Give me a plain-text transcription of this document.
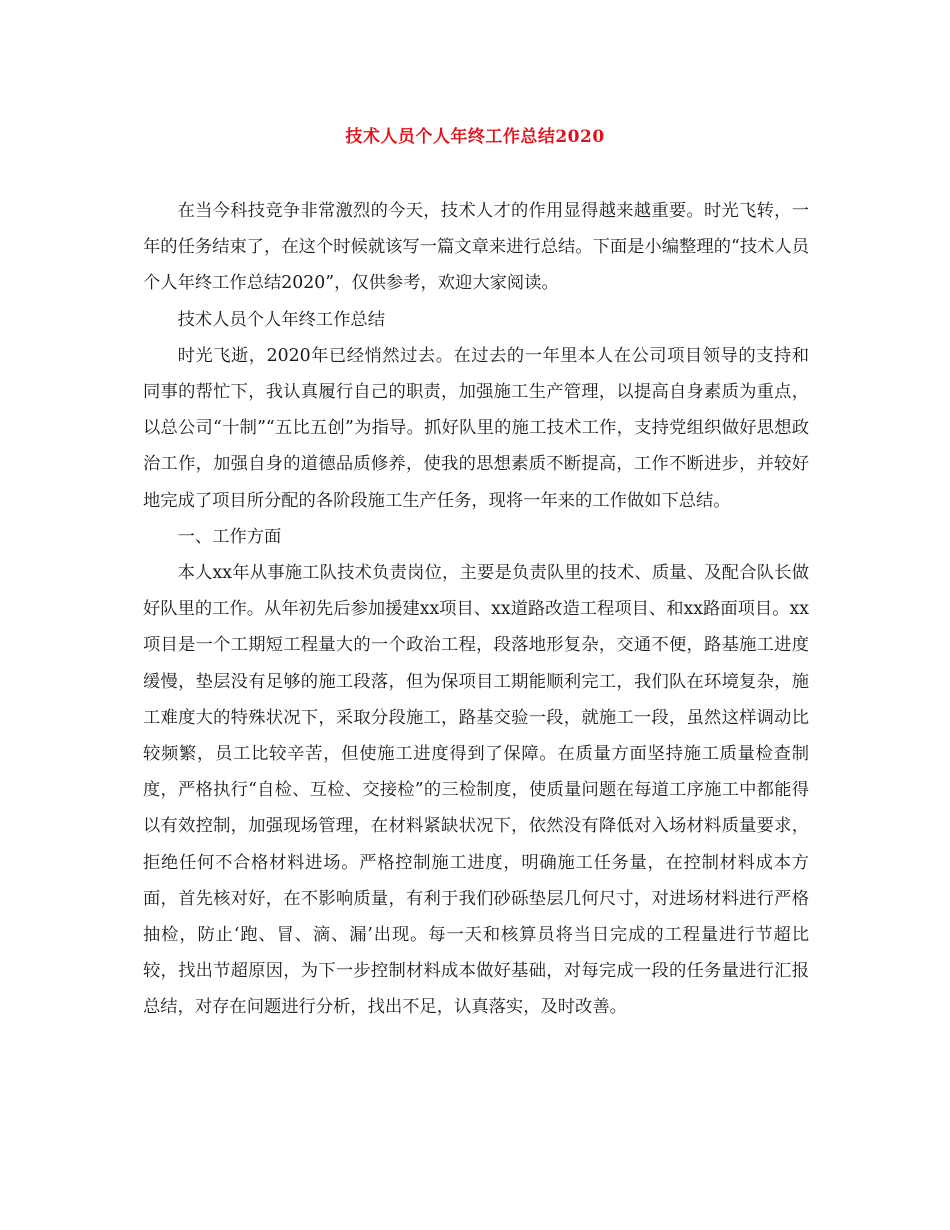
技术人员个人年终工作总结2020

在当今科技竞争非常激烈的今天，技术人才的作用显得越来越重要。时光飞转，一年的任务结束了，在这个时候就该写一篇文章来进行总结。下面是小编整理的“技术人员个人年终工作总结2020”，仅供参考，欢迎大家阅读。

技术人员个人年终工作总结

时光飞逝，2020年已经悄然过去。在过去的一年里本人在公司项目领导的支持和同事的帮忙下，我认真履行自己的职责，加强施工生产管理，以提高自身素质为重点，以总公司“十制”“五比五创”为指导。抓好队里的施工技术工作，支持党组织做好思想政治工作，加强自身的道德品质修养，使我的思想素质不断提高，工作不断进步，并较好地完成了项目所分配的各阶段施工生产任务，现将一年来的工作做如下总结。

一、工作方面

本人xx年从事施工队技术负责岗位，主要是负责队里的技术、质量、及配合队长做好队里的工作。从年初先后参加援建xx项目、xx道路改造工程项目、和xx路面项目。xx项目是一个工期短工程量大的一个政治工程，段落地形复杂，交通不便，路基施工进度缓慢，垫层没有足够的施工段落，但为保项目工期能顺利完工，我们队在环境复杂，施工难度大的特殊状况下，采取分段施工，路基交验一段，就施工一段，虽然这样调动比较频繁，员工比较辛苦，但使施工进度得到了保障。在质量方面坚持施工质量检查制度，严格执行“自检、互检、交接检”的三检制度，使质量问题在每道工序施工中都能得以有效控制，加强现场管理，在材料紧缺状况下，依然没有降低对入场材料质量要求，拒绝任何不合格材料进场。严格控制施工进度，明确施工任务量，在控制材料成本方面，首先核对好，在不影响质量，有利于我们砂砾垫层几何尺寸，对进场材料进行严格抽检，防止‘跑、冒、滴、漏’出现。每一天和核算员将当日完成的工程量进行节超比较，找出节超原因，为下一步控制材料成本做好基础，对每完成一段的任务量进行汇报总结，对存在问题进行分析，找出不足，认真落实，及时改善。
